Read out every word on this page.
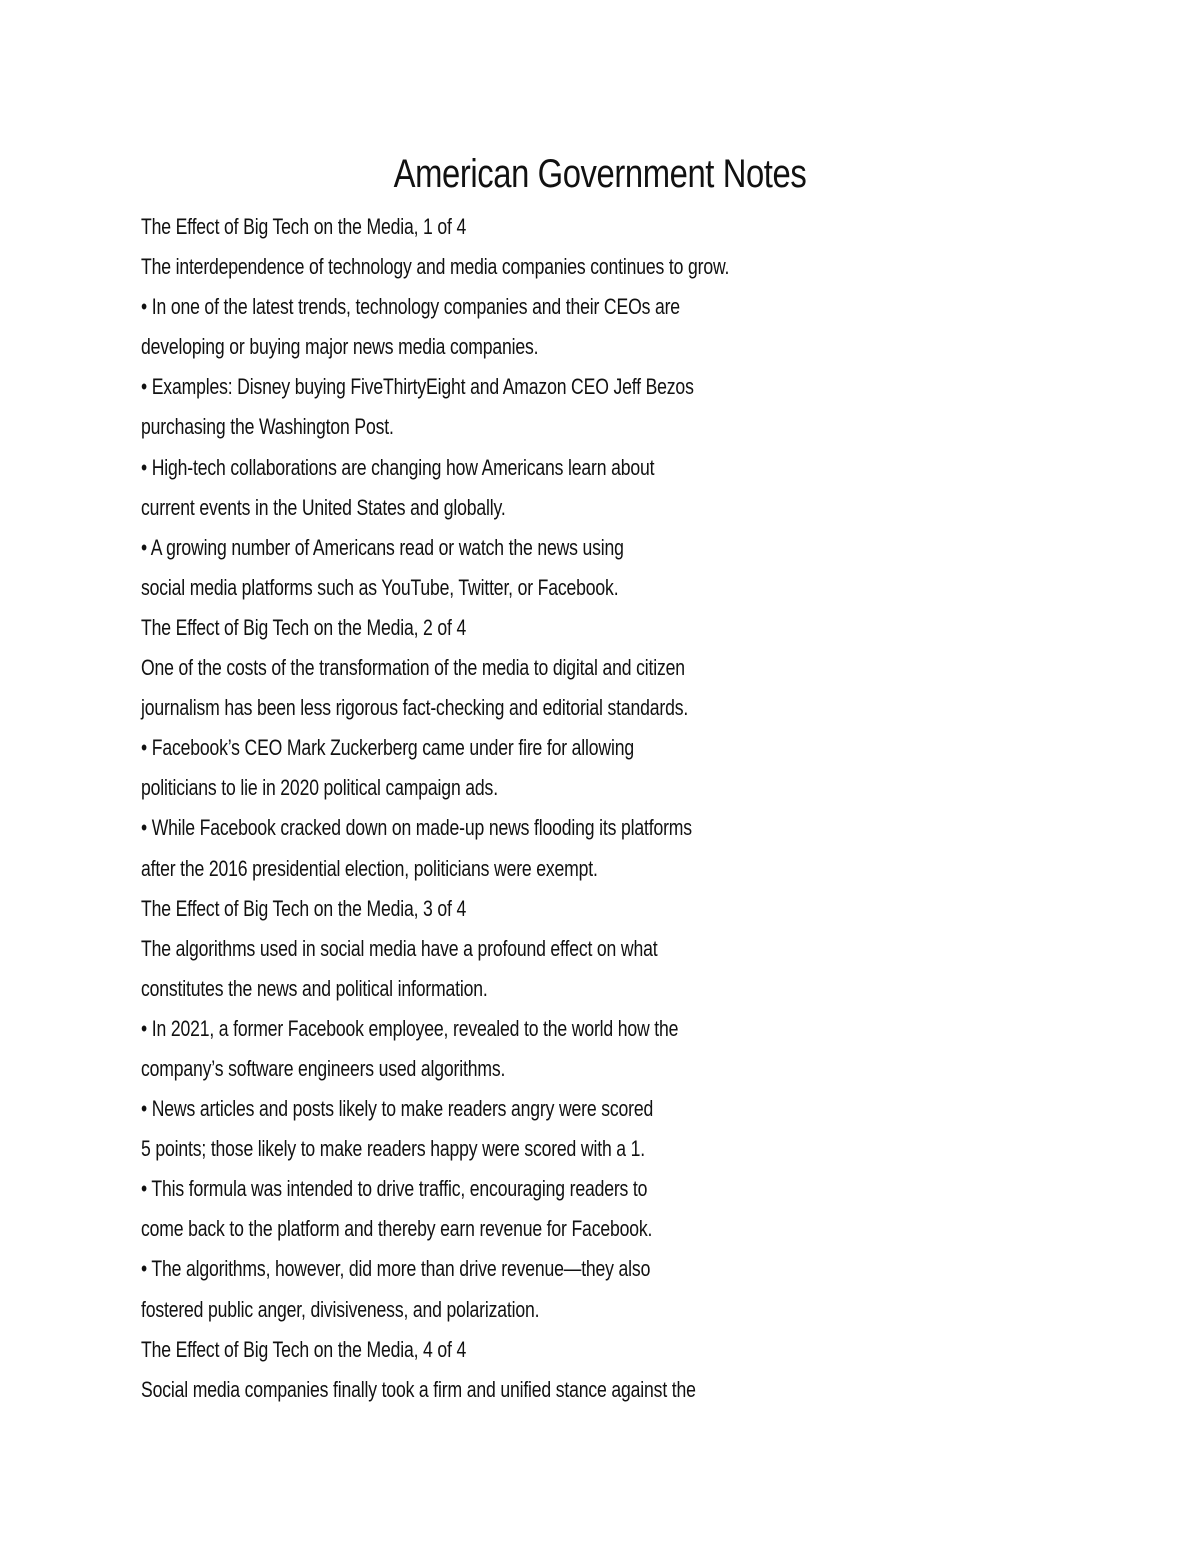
American Government Notes
The Effect of Big Tech on the Media, 1 of 4
The interdependence of technology and media companies continues to grow.
• In one of the latest trends, technology companies and their CEOs are
developing or buying major news media companies.
• Examples: Disney buying FiveThirtyEight and Amazon CEO Jeff Bezos
purchasing the Washington Post.
• High-tech collaborations are changing how Americans learn about
current events in the United States and globally.
• A growing number of Americans read or watch the news using
social media platforms such as YouTube, Twitter, or Facebook.
The Effect of Big Tech on the Media, 2 of 4
One of the costs of the transformation of the media to digital and citizen
journalism has been less rigorous fact-checking and editorial standards.
• Facebook’s CEO Mark Zuckerberg came under fire for allowing
politicians to lie in 2020 political campaign ads.
• While Facebook cracked down on made-up news flooding its platforms
after the 2016 presidential election, politicians were exempt.
The Effect of Big Tech on the Media, 3 of 4
The algorithms used in social media have a profound effect on what
constitutes the news and political information.
• In 2021, a former Facebook employee, revealed to the world how the
company’s software engineers used algorithms.
• News articles and posts likely to make readers angry were scored
5 points; those likely to make readers happy were scored with a 1.
• This formula was intended to drive traffic, encouraging readers to
come back to the platform and thereby earn revenue for Facebook.
• The algorithms, however, did more than drive revenue—they also
fostered public anger, divisiveness, and polarization.
The Effect of Big Tech on the Media, 4 of 4
Social media companies finally took a firm and unified stance against the
